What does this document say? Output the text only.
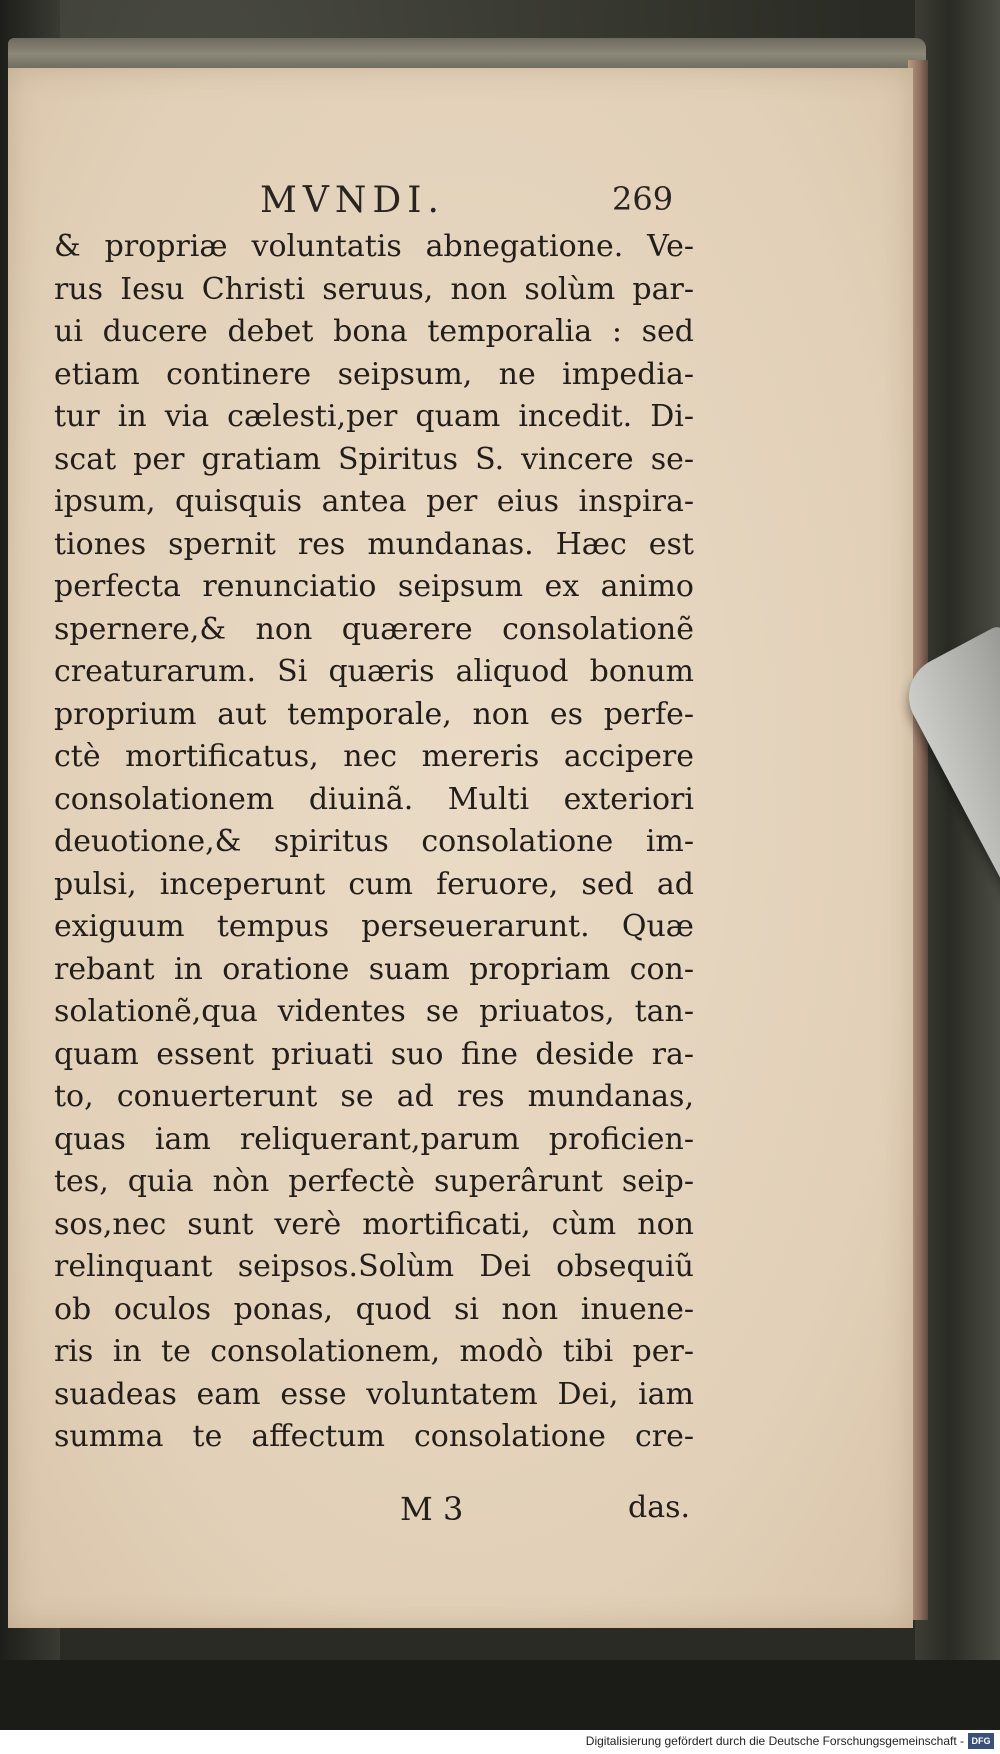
MVNDI.	269
& propriæ voluntatis abnegatione. Ve-
rus Iesu Christi seruus, non solùm par-
ui ducere debet bona temporalia : sed
etiam continere seipsum, ne impedia-
tur in via cælesti,per quam incedit. Di-
scat per gratiam Spiritus S. vincere se-
ipsum, quisquis antea per eius inspira-
tiones spernit res mundanas. Hæc est
perfecta renunciatio seipsum ex animo
spernere,& non quærere consolationẽ
creaturarum. Si quæris aliquod bonum
proprium aut temporale, non es perfe-
ctè mortificatus, nec mereris accipere
consolationem diuinã. Multi exteriori
deuotione,& spiritus consolatione im-
pulsi, inceperunt cum feruore, sed ad
exiguum tempus perseuerarunt. Quæ
rebant in oratione suam propriam con-
solationẽ,qua videntes se priuatos, tan-
quam essent priuati suo fine deside ra-
to, conuerterunt se ad res mundanas,
quas iam reliquerant,parum proficien-
tes, quia nòn perfectè superârunt seip-
sos,nec sunt verè mortificati, cùm non
relinquant seipsos.Solùm Dei obsequiũ
ob oculos ponas, quod si non inuene-
ris in te consolationem, modò tibi per-
suadeas eam esse voluntatem Dei, iam
summa te affectum consolatione cre-
M 3	das.
Digitalisierung gefördert durch die Deutsche Forschungsgemeinschaft - DFG
